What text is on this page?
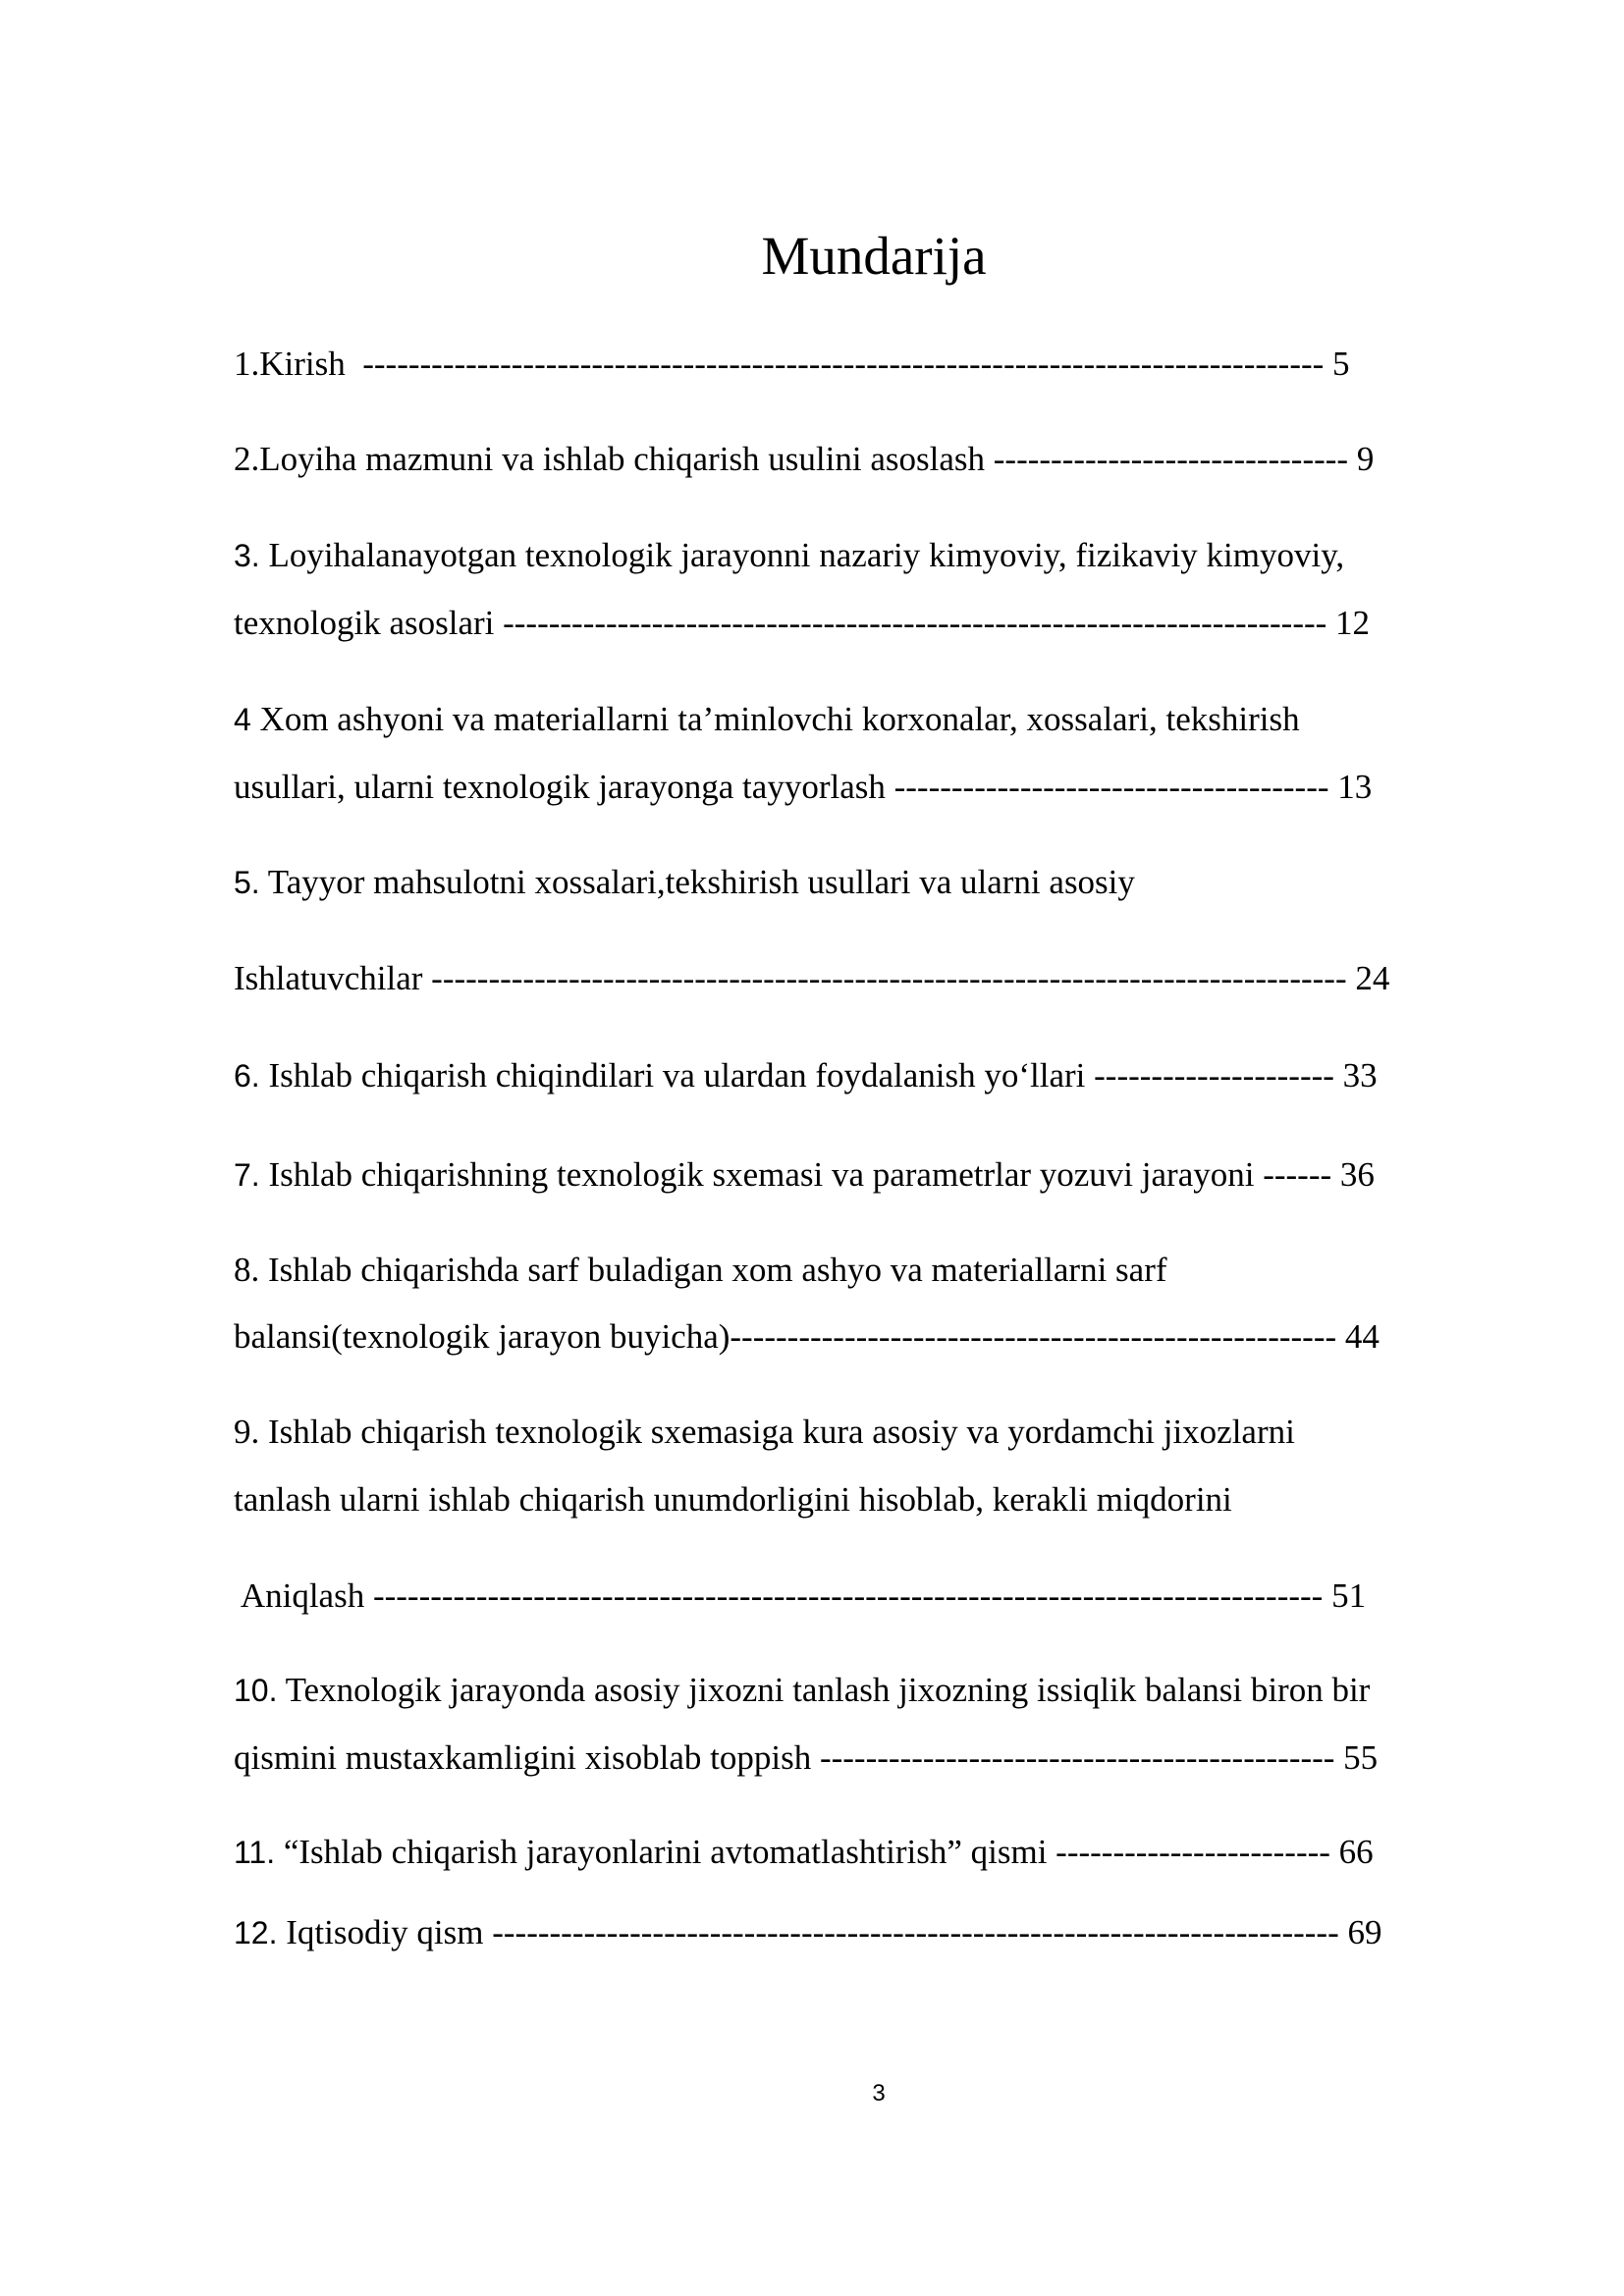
Mundarija
1.Kirish  ------------------------------------------------------------------------------------ 5
2.Loyiha mazmuni va ishlab chiqarish usulini asoslash ------------------------------- 9
3. Loyihalanayotgan texnologik jarayonni nazariy kimyoviy, fizikaviy kimyoviy,
texnologik asoslari ------------------------------------------------------------------------ 12
4 Xom ashyoni va materiallarni ta’minlovchi korxonalar, xossalari, tekshirish
usullari, ularni texnologik jarayonga tayyorlash -------------------------------------- 13
5. Tayyor mahsulotni xossalari,tekshirish usullari va ularni asosiy
Ishlatuvchilar -------------------------------------------------------------------------------- 24
6. Ishlab chiqarish chiqindilari va ulardan foydalanish yo‘llari --------------------- 33
7. Ishlab chiqarishning texnologik sxemasi va parametrlar yozuvi jarayoni ------ 36
8. Ishlab chiqarishda sarf buladigan xom ashyo va materiallarni sarf
balansi(texnologik jarayon buyicha)----------------------------------------------------- 44
9. Ishlab chiqarish texnologik sxemasiga kura asosiy va yordamchi jixozlarni
tanlash ularni ishlab chiqarish unumdorligini hisoblab, kerakli miqdorini
Aniqlash ----------------------------------------------------------------------------------- 51
10. Texnologik jarayonda asosiy jixozni tanlash jixozning issiqlik balansi biron bir
qismini mustaxkamligini xisoblab toppish --------------------------------------------- 55
11. “Ishlab chiqarish jarayonlarini avtomatlashtirish” qismi ------------------------ 66
12. Iqtisodiy qism -------------------------------------------------------------------------- 69
3
